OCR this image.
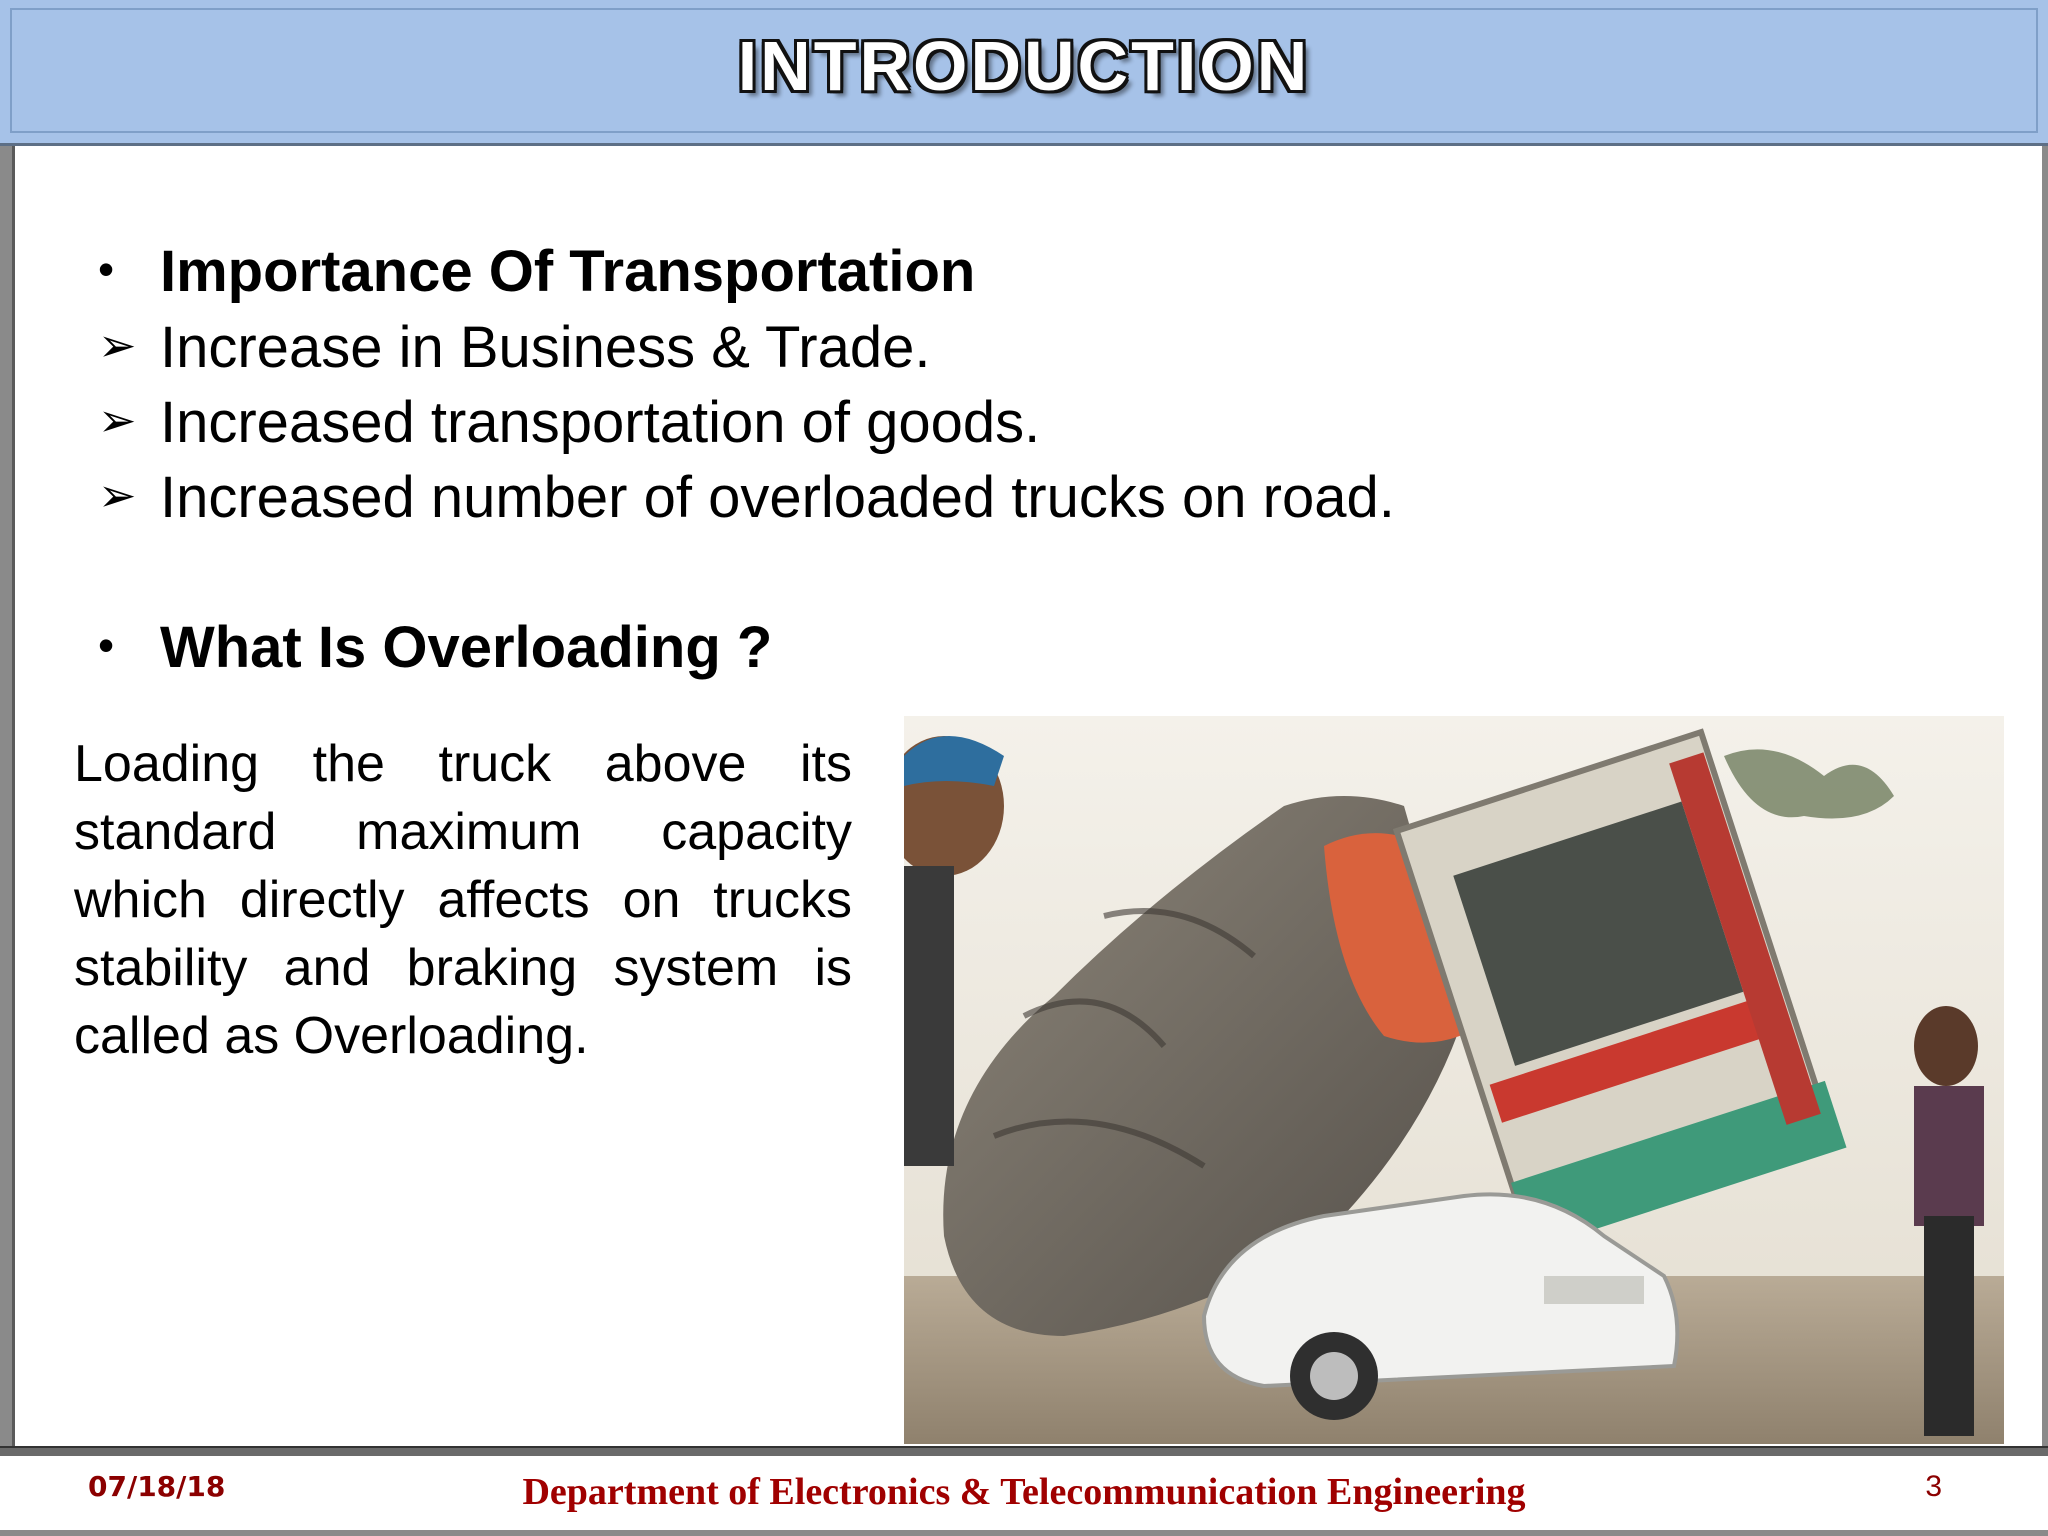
INTRODUCTION
• Importance Of Transportation
➢ Increase in Business & Trade.
➢ Increased transportation of goods.
➢ Increased number of overloaded trucks on road.
• What Is Overloading ?
Loading the truck above its standard maximum capacity which directly affects on trucks stability and braking system is called as Overloading.
07/18/18	Department of Electronics & Telecommunication Engineering	3
